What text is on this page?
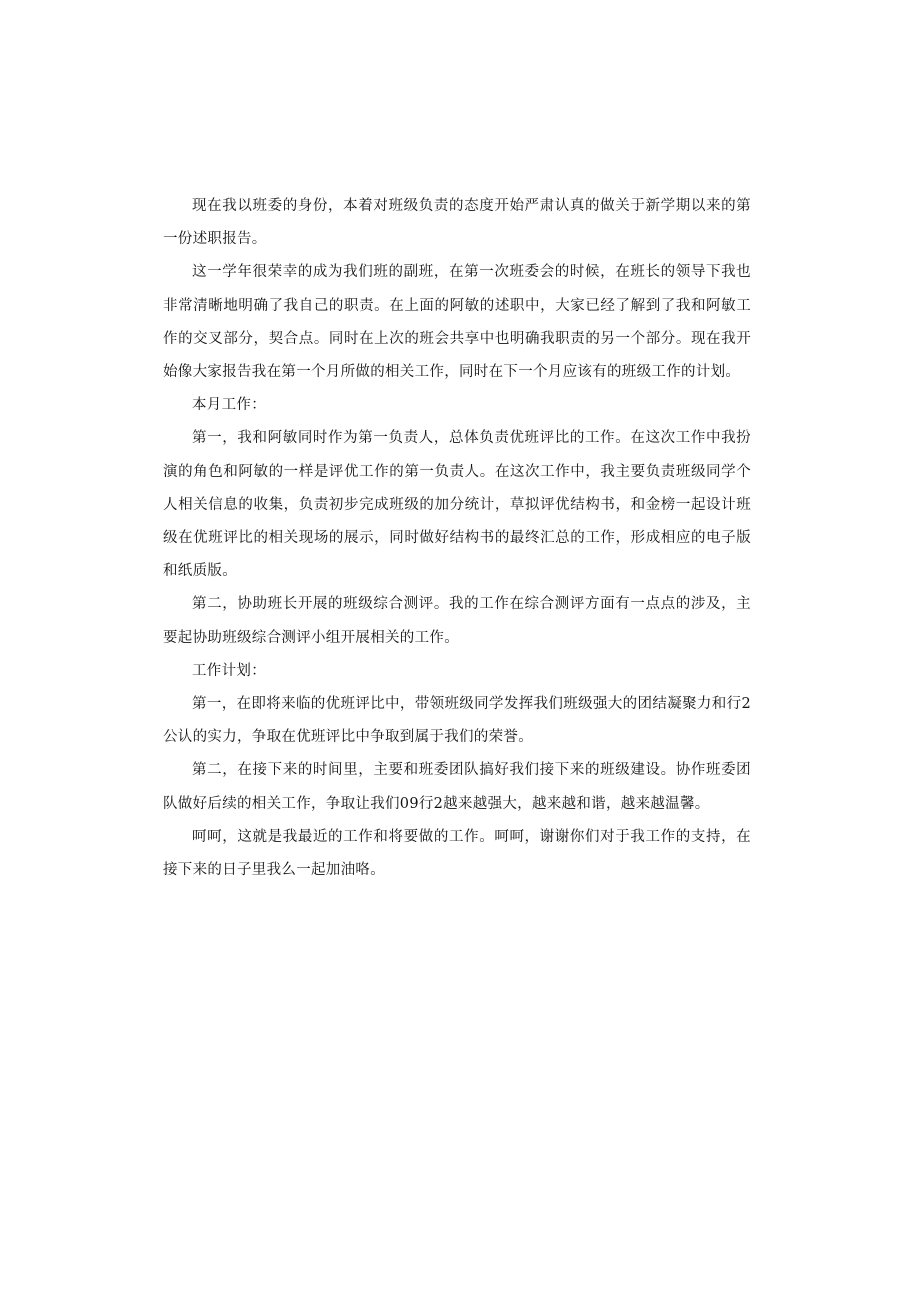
现在我以班委的身份，本着对班级负责的态度开始严肃认真的做关于新学期以来的第一份述职报告。

这一学年很荣幸的成为我们班的副班，在第一次班委会的时候，在班长的领导下我也非常清晰地明确了我自己的职责。在上面的阿敏的述职中，大家已经了解到了我和阿敏工作的交叉部分，契合点。同时在上次的班会共享中也明确我职责的另一个部分。现在我开始像大家报告我在第一个月所做的相关工作，同时在下一个月应该有的班级工作的计划。

本月工作：

第一，我和阿敏同时作为第一负责人，总体负责优班评比的工作。在这次工作中我扮演的角色和阿敏的一样是评优工作的第一负责人。在这次工作中，我主要负责班级同学个人相关信息的收集，负责初步完成班级的加分统计，草拟评优结构书，和金榜一起设计班级在优班评比的相关现场的展示，同时做好结构书的最终汇总的工作，形成相应的电子版和纸质版。

第二，协助班长开展的班级综合测评。我的工作在综合测评方面有一点点的涉及，主要起协助班级综合测评小组开展相关的工作。

工作计划：

第一，在即将来临的优班评比中，带领班级同学发挥我们班级强大的团结凝聚力和行2公认的实力，争取在优班评比中争取到属于我们的荣誉。

第二，在接下来的时间里，主要和班委团队搞好我们接下来的班级建设。协作班委团队做好后续的相关工作，争取让我们09行2越来越强大，越来越和谐，越来越温馨。

呵呵，这就是我最近的工作和将要做的工作。呵呵，谢谢你们对于我工作的支持，在接下来的日子里我么一起加油咯。
